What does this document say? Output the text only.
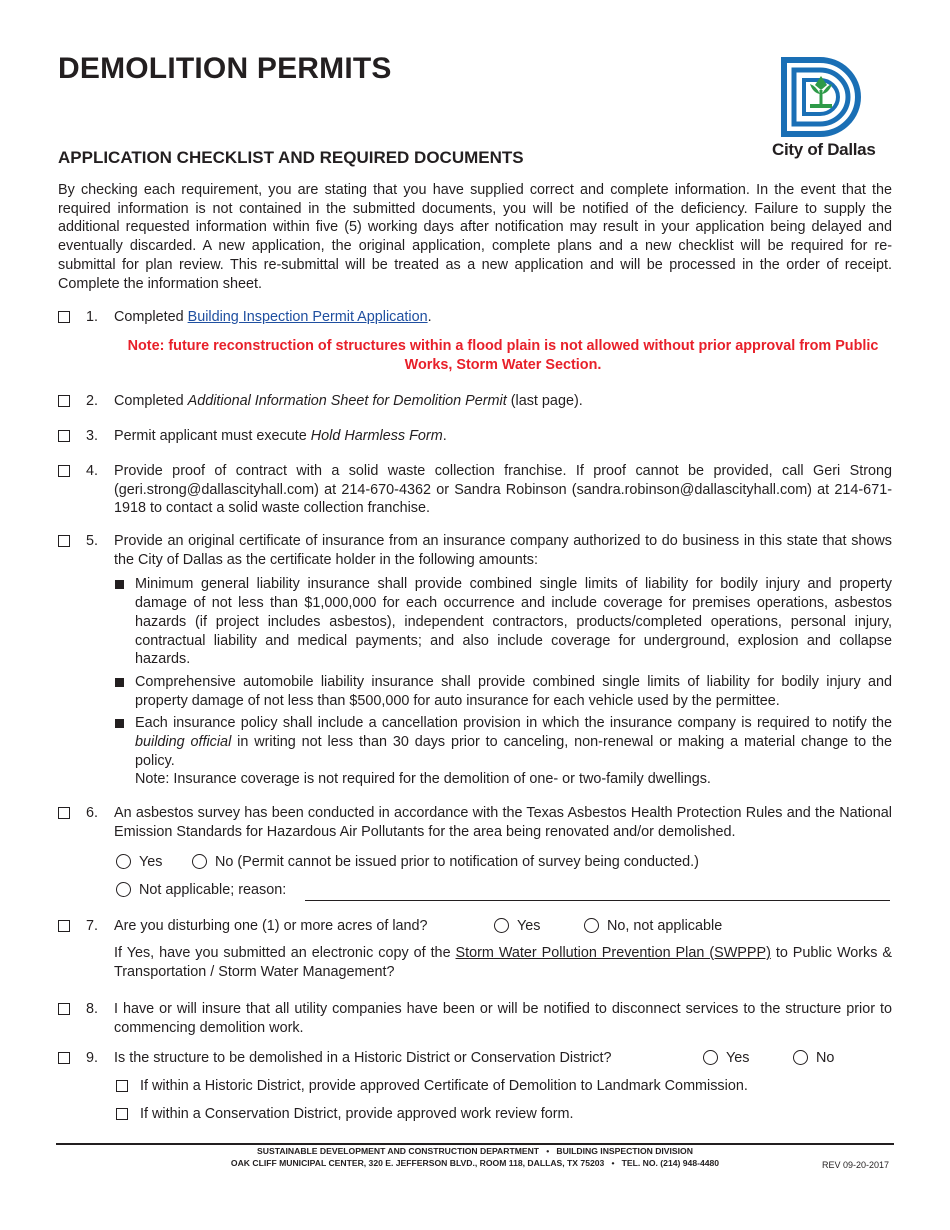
DEMOLITION PERMITS
City of Dallas
APPLICATION CHECKLIST AND REQUIRED DOCUMENTS

By checking each requirement, you are stating that you have supplied correct and complete information. In the event that the required information is not contained in the submitted documents, you will be notified of the deficiency. Failure to supply the additional requested information within five (5) working days after notification may result in your application being delayed and eventually discarded. A new application, the original application, complete plans and a new checklist will be required for re-submittal for plan review. This re-submittal will be treated as a new application and will be processed in the order of receipt. Complete the information sheet.

1. Completed Building Inspection Permit Application.
Note: future reconstruction of structures within a flood plain is not allowed without prior approval from Public Works, Storm Water Section.
2. Completed Additional Information Sheet for Demolition Permit (last page).
3. Permit applicant must execute Hold Harmless Form.
4. Provide proof of contract with a solid waste collection franchise. If proof cannot be provided, call Geri Strong (geri.strong@dallascityhall.com) at 214-670-4362 or Sandra Robinson (sandra.robinson@dallascityhall.com) at 214-671-1918 to contact a solid waste collection franchise.

5. Provide an original certificate of insurance from an insurance company authorized to do business in this state that shows the City of Dallas as the certificate holder in the following amounts:

Minimum general liability insurance shall provide combined single limits of liability for bodily injury and property damage of not less than $1,000,000 for each occurrence and include coverage for premises operations, asbestos hazards (if project includes asbestos), independent contractors, products/completed operations, personal injury, contractual liability and medical payments; and also include coverage for underground, explosion and collapse hazards.
Comprehensive automobile liability insurance shall provide combined single limits of liability for bodily injury and property damage of not less than $500,000 for auto insurance for each vehicle used by the permittee.
Each insurance policy shall include a cancellation provision in which the insurance company is required to notify the building official in writing not less than 30 days prior to canceling, non-renewal or making a material change to the policy.
Note: Insurance coverage is not required for the demolition of one- or two-family dwellings.
6. An asbestos survey has been conducted in accordance with the Texas Asbestos Health Protection Rules and the National Emission Standards for Hazardous Air Pollutants for the area being renovated and/or demolished.

Yes	No (Permit cannot be issued prior to notification of survey being conducted.)
Not applicable; reason:
7. Are you disturbing one (1) or more acres of land?	Yes	No, not applicable
If Yes, have you submitted an electronic copy of the Storm Water Pollution Prevention Plan (SWPPP) to Public Works & Transportation / Storm Water Management?
8. I have or will insure that all utility companies have been or will be notified to disconnect services to the structure prior to commencing demolition work.

9. Is the structure to be demolished in a Historic District or Conservation District?	Yes	No
If within a Historic District, provide approved Certificate of Demolition to Landmark Commission.
If within a Conservation District, provide approved work review form.
SUSTAINABLE DEVELOPMENT AND CONSTRUCTION DEPARTMENT   •   BUILDING INSPECTION DIVISION
OAK CLIFF MUNICIPAL CENTER, 320 E. JEFFERSON BLVD., ROOM 118, DALLAS, TX 75203   •   TEL. NO. (214) 948-4480	REV 09-20-2017
